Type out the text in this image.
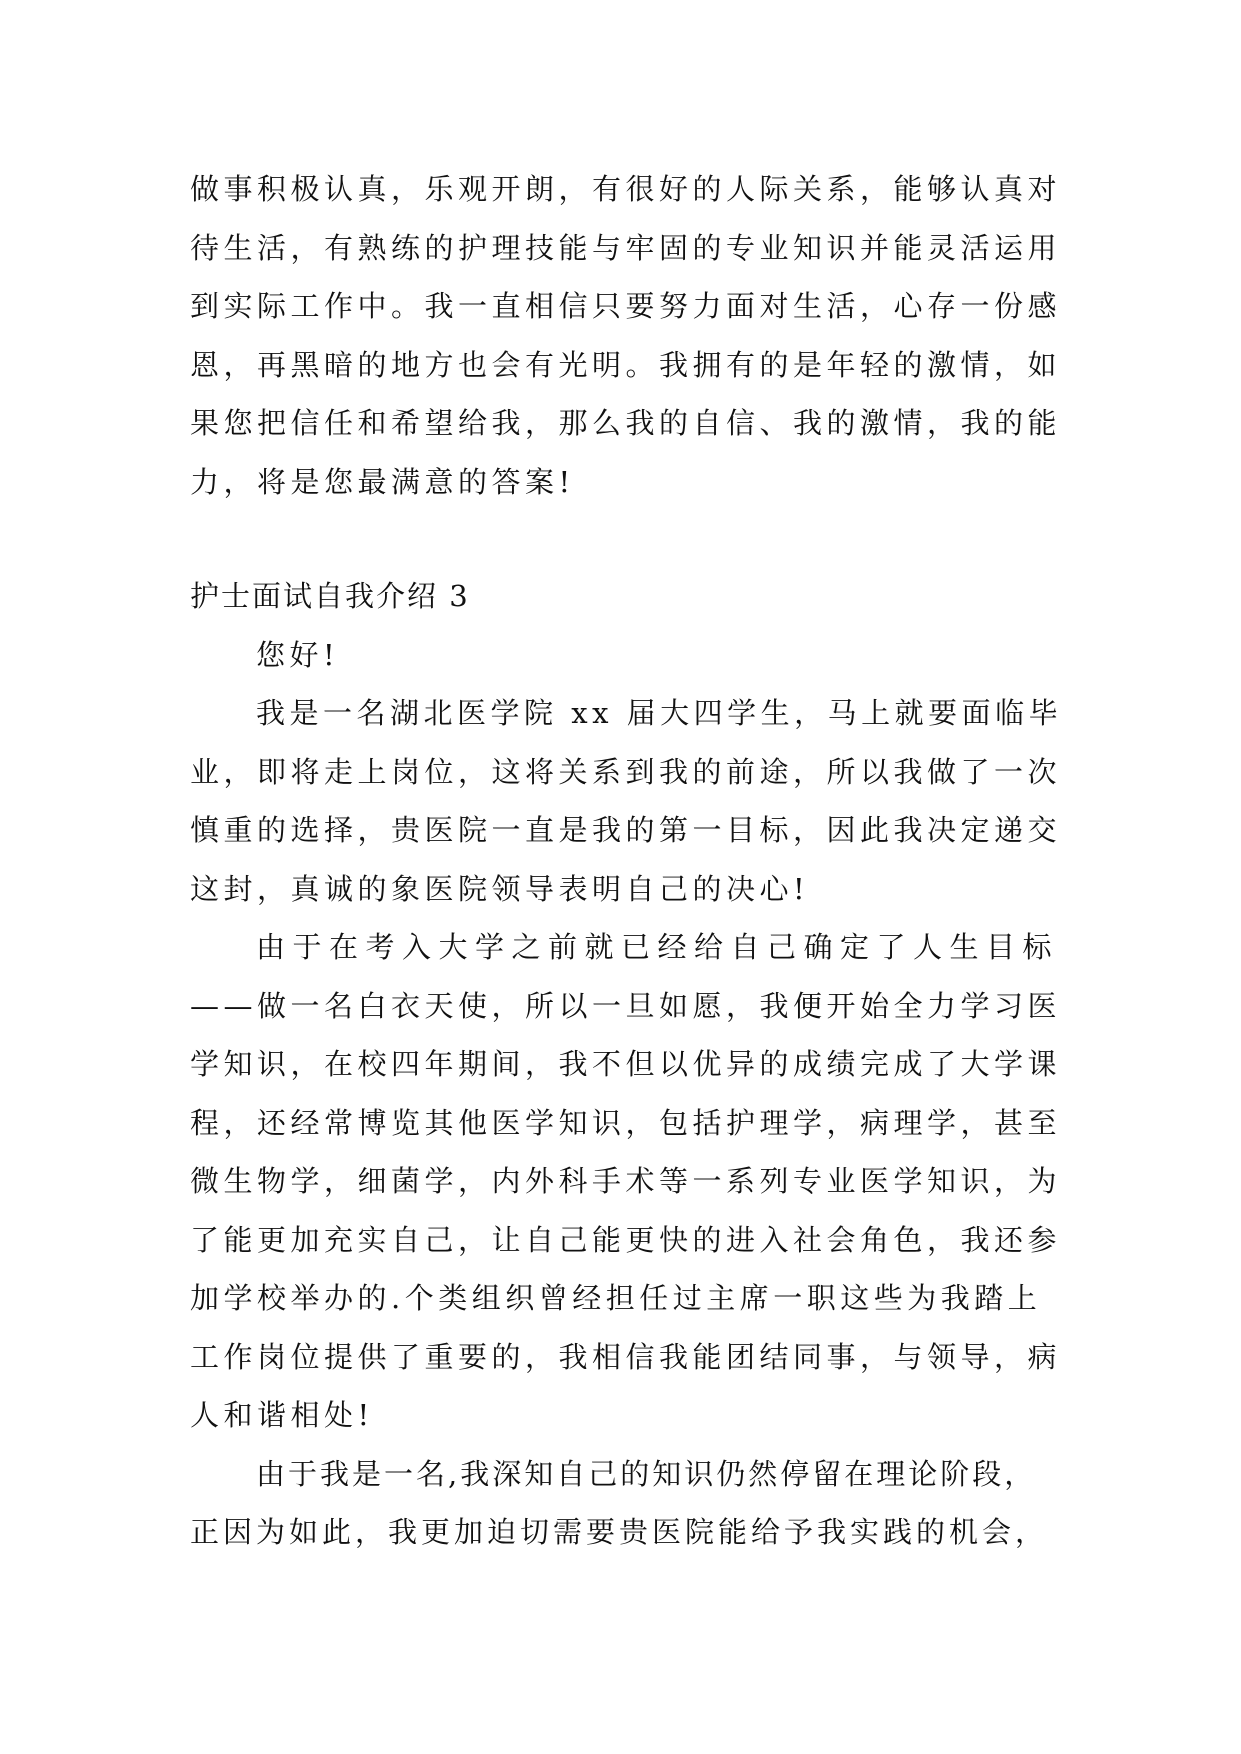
做事积极认真，乐观开朗，有很好的人际关系，能够认真对
待生活，有熟练的护理技能与牢固的专业知识并能灵活运用
到实际工作中。我一直相信只要努力面对生活，心存一份感
恩，再黑暗的地方也会有光明。我拥有的是年轻的激情，如
果您把信任和希望给我，那么我的自信、我的激情，我的能
力，将是您最满意的答案!
护士面试自我介绍 3
您好!
我是一名湖北医学院 xx 届大四学生，马上就要面临毕
业，即将走上岗位，这将关系到我的前途，所以我做了一次
慎重的选择，贵医院一直是我的第一目标，因此我决定递交
这封，真诚的象医院领导表明自己的决心!
由于在考入大学之前就已经给自己确定了人生目标
——做一名白衣天使，所以一旦如愿，我便开始全力学习医
学知识，在校四年期间，我不但以优异的成绩完成了大学课
程，还经常博览其他医学知识，包括护理学，病理学，甚至
微生物学，细菌学，内外科手术等一系列专业医学知识，为
了能更加充实自己，让自己能更快的进入社会角色，我还参
加学校举办的.个类组织曾经担任过主席一职这些为我踏上
工作岗位提供了重要的，我相信我能团结同事，与领导，病
人和谐相处!
由于我是一名,我深知自己的知识仍然停留在理论阶段，
正因为如此，我更加迫切需要贵医院能给予我实践的机会，
